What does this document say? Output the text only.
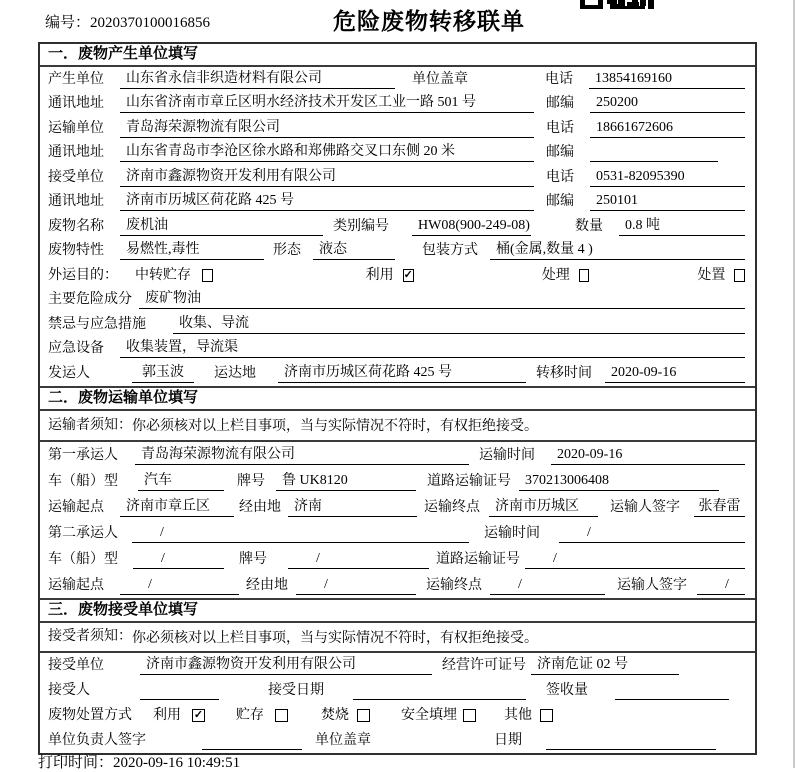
编号：2020370100016856	危险废物转移联单
一．废物产生单位填写
产生单位	山东省永信非织造材料有限公司	单位盖章	电话	13854169160
通讯地址	山东省济南市章丘区明水经济技术开发区工业一路 501 号	邮编	250200
运输单位	青岛海荣源物流有限公司	电话	18661672606
通讯地址	山东省青岛市李沧区徐水路和郑佛路交叉口东侧 20 米	邮编
接受单位	济南市鑫源物资开发利用有限公司	电话	0531-82095390
通讯地址	济南市历城区荷花路 425 号	邮编	250101
废物名称	废机油	类别编号	HW08(900-249-08)	数量	0.8 吨
废物特性	易燃性,毒性	形态	液态	包装方式	桶(金属,数量 4 )
外运目的： 中转贮存	利用 ✓	处理	处置
主要危险成分 废矿物油
禁忌与应急措施	收集、导流
应急设备	收集装置，导流渠
发运人	郭玉波	运达地	济南市历城区荷花路 425 号	转移时间	2020-09-16
二．废物运输单位填写
运输者须知： 你必须核对以上栏目事项，当与实际情况不符时，有权拒绝接受。
第一承运人	青岛海荣源物流有限公司	运输时间	2020-09-16
车（船）型	汽车	牌号	鲁 UK8120	道路运输证号	370213006408
运输起点	济南市章丘区	经由地 济南	运输终点	济南市历城区	运输人签字	张春雷
第二承运人	/	运输时间	/
车（船）型	/	牌号	/	道路运输证号	/
运输起点	/	经由地	/	运输终点	/	运输人签字	/
三．废物接受单位填写
接受者须知： 你必须核对以上栏目事项，当与实际情况不符时，有权拒绝接受。
接受单位	济南市鑫源物资开发利用有限公司	经营许可证号 济南危证 02 号
接受人	接受日期	签收量
废物处置方式 利用 ✓ 贮存	焚烧	安全填埋	其他
单位负责人签字	单位盖章	日期
打印时间：2020-09-16 10:49:51
